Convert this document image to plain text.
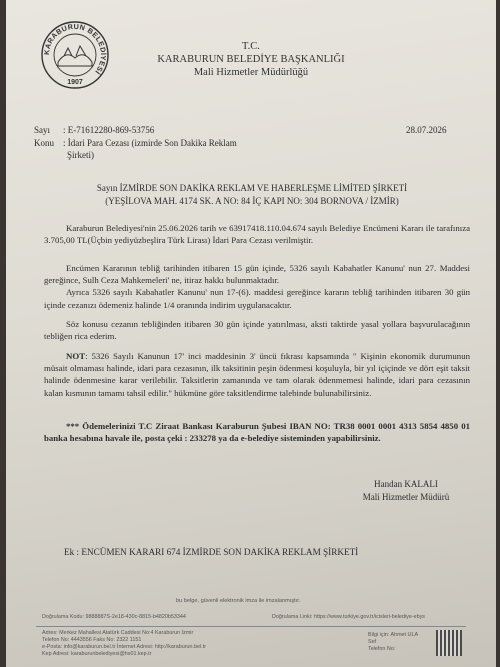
KARABURUN BELEDİYESİ
1907
T.C.
KARABURUN BELEDİYE BAŞKANLIĞI
Mali Hizmetler Müdürlüğü
Sayı : E-71612280-869-53756	28.07.2026
Konu : İdari Para Cezası (izmirde Son Dakika Reklam
Şirketi)
Sayın İZMİRDE SON DAKİKA REKLAM VE HABERLEŞME LİMİTED ŞİRKETİ
(YEŞİLOVA MAH. 4174 SK. A NO: 84 İÇ KAPI NO: 304 BORNOVA / İZMİR)

Karaburun Belediyesi'nin 25.06.2026 tarih ve 63917418.110.04.674 sayılı Belediye Encümeni Kararı ile tarafınıza 3.705,00 TL(Üçbin yediyüzbeşlira Türk Lirası) İdari Para Cezası verilmiştir.

Encümen Kararının tebliğ tarihinden itibaren 15 gün içinde, 5326 sayılı Kabahatler Kanunu' nun 27. Maddesi gereğince, Sulh Ceza Mahkemeleri' ne, itiraz hakkı bulunmaktadır.

Ayrıca 5326 sayılı Kabahatler Kanunu' nun 17-(6). maddesi gereğince kararın tebliğ tarihinden itibaren 30 gün içinde cezanızı ödemeniz halinde 1/4 oranında indirim uygulanacaktır.

Söz konusu cezanın tebliğinden itibaren 30 gün içinde yatırılması, aksti taktirde yasal yollara başvurulacağının tebliğen rica ederim.

NOT: 5326 Sayılı Kanunun 17' inci maddesinin 3' üncü fıkrası kapsamında " Kişinin ekonomik durumunun müsait olmaması halinde, idari para cezasının, ilk taksitinin peşin ödenmesi koşuluyla, bir yıl içiçinde ve dört eşit taksit halinde ödenmesine karar verilebilir. Taksitlerin zamanında ve tam olarak ödenmemesi halinde, idari para cezasının kalan kısmının tamamı tahsil edilir." hükmüne göre taksitlendirme talebinde bulunabilirsiniz.

*** Ödemelerinizi T.C Ziraat Bankası Karaburun Şubesi IBAN NO: TR38 0001 0001 4313 5854 4850 01 banka hesabına havale ile, posta çeki : 233278 ya da e-belediye sisteminden yapabilirsiniz.

Handan KALALI
Mali Hizmetler Müdürü
Ek : ENCÜMEN KARARI 674 İZMİRDE SON DAKİKA REKLAM ŞİRKETİ
bu belge, güvenli elektronik imza ile imzalanmıştır.
Doğrulama Kodu: 9888887S-2e18-430c-8815-b4820b53344	Doğrulama Linki: https://www.turkiye.gov.tr/icisleri-belediye-ebys
Adres: Merkez Mahallesi Atatürk Caddesi No:4 Karaburun İzmir
Telefon No: 4443556 Faks No: 2322 1151
e-Posta: info@karaburun.bel.tr İnternet Adresi: http://karaburun.bel.tr
Kep Adresi: karaburunbelediyesi@hs01.kep.tr
Bilgi için: Ahmet ULA
Sef
Telefon No:
